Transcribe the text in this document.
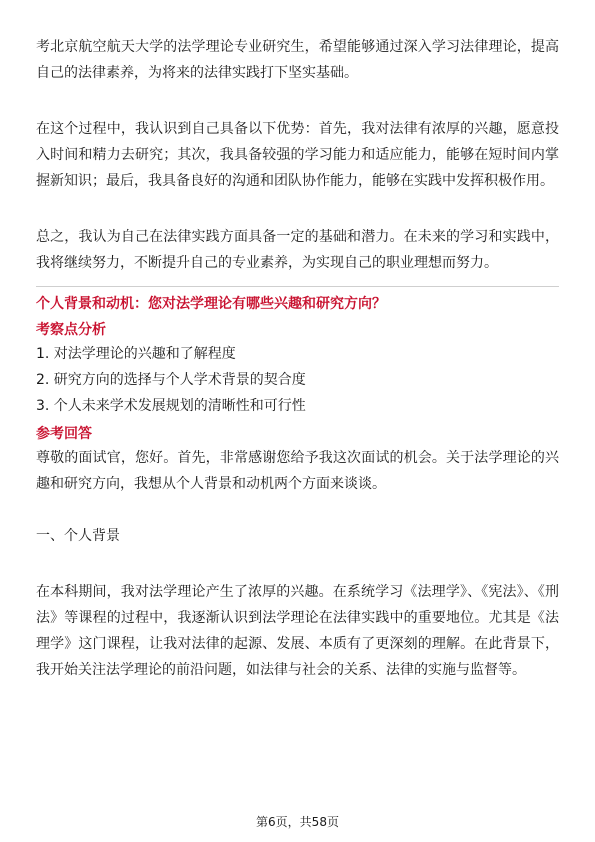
考北京航空航天大学的法学理论专业研究生，希望能够通过深入学习法律理论，提高自己的法律素养，为将来的法律实践打下坚实基础。

在这个过程中，我认识到自己具备以下优势：首先，我对法律有浓厚的兴趣，愿意投入时间和精力去研究；其次，我具备较强的学习能力和适应能力，能够在短时间内掌握新知识；最后，我具备良好的沟通和团队协作能力，能够在实践中发挥积极作用。

总之，我认为自己在法律实践方面具备一定的基础和潜力。在未来的学习和实践中，我将继续努力，不断提升自己的专业素养，为实现自己的职业理想而努力。

个人背景和动机：您对法学理论有哪些兴趣和研究方向？

考察点分析

1. 对法学理论的兴趣和了解程度
2. 研究方向的选择与个人学术背景的契合度
3. 个人未来学术发展规划的清晰性和可行性

参考回答

尊敬的面试官，您好。首先，非常感谢您给予我这次面试的机会。关于法学理论的兴趣和研究方向，我想从个人背景和动机两个方面来谈谈。

一、个人背景

在本科期间，我对法学理论产生了浓厚的兴趣。在系统学习《法理学》、《宪法》、《刑法》等课程的过程中，我逐渐认识到法学理论在法律实践中的重要地位。尤其是《法理学》这门课程，让我对法律的起源、发展、本质有了更深刻的理解。在此背景下，我开始关注法学理论的前沿问题，如法律与社会的关系、法律的实施与监督等。

第6页，共58页
